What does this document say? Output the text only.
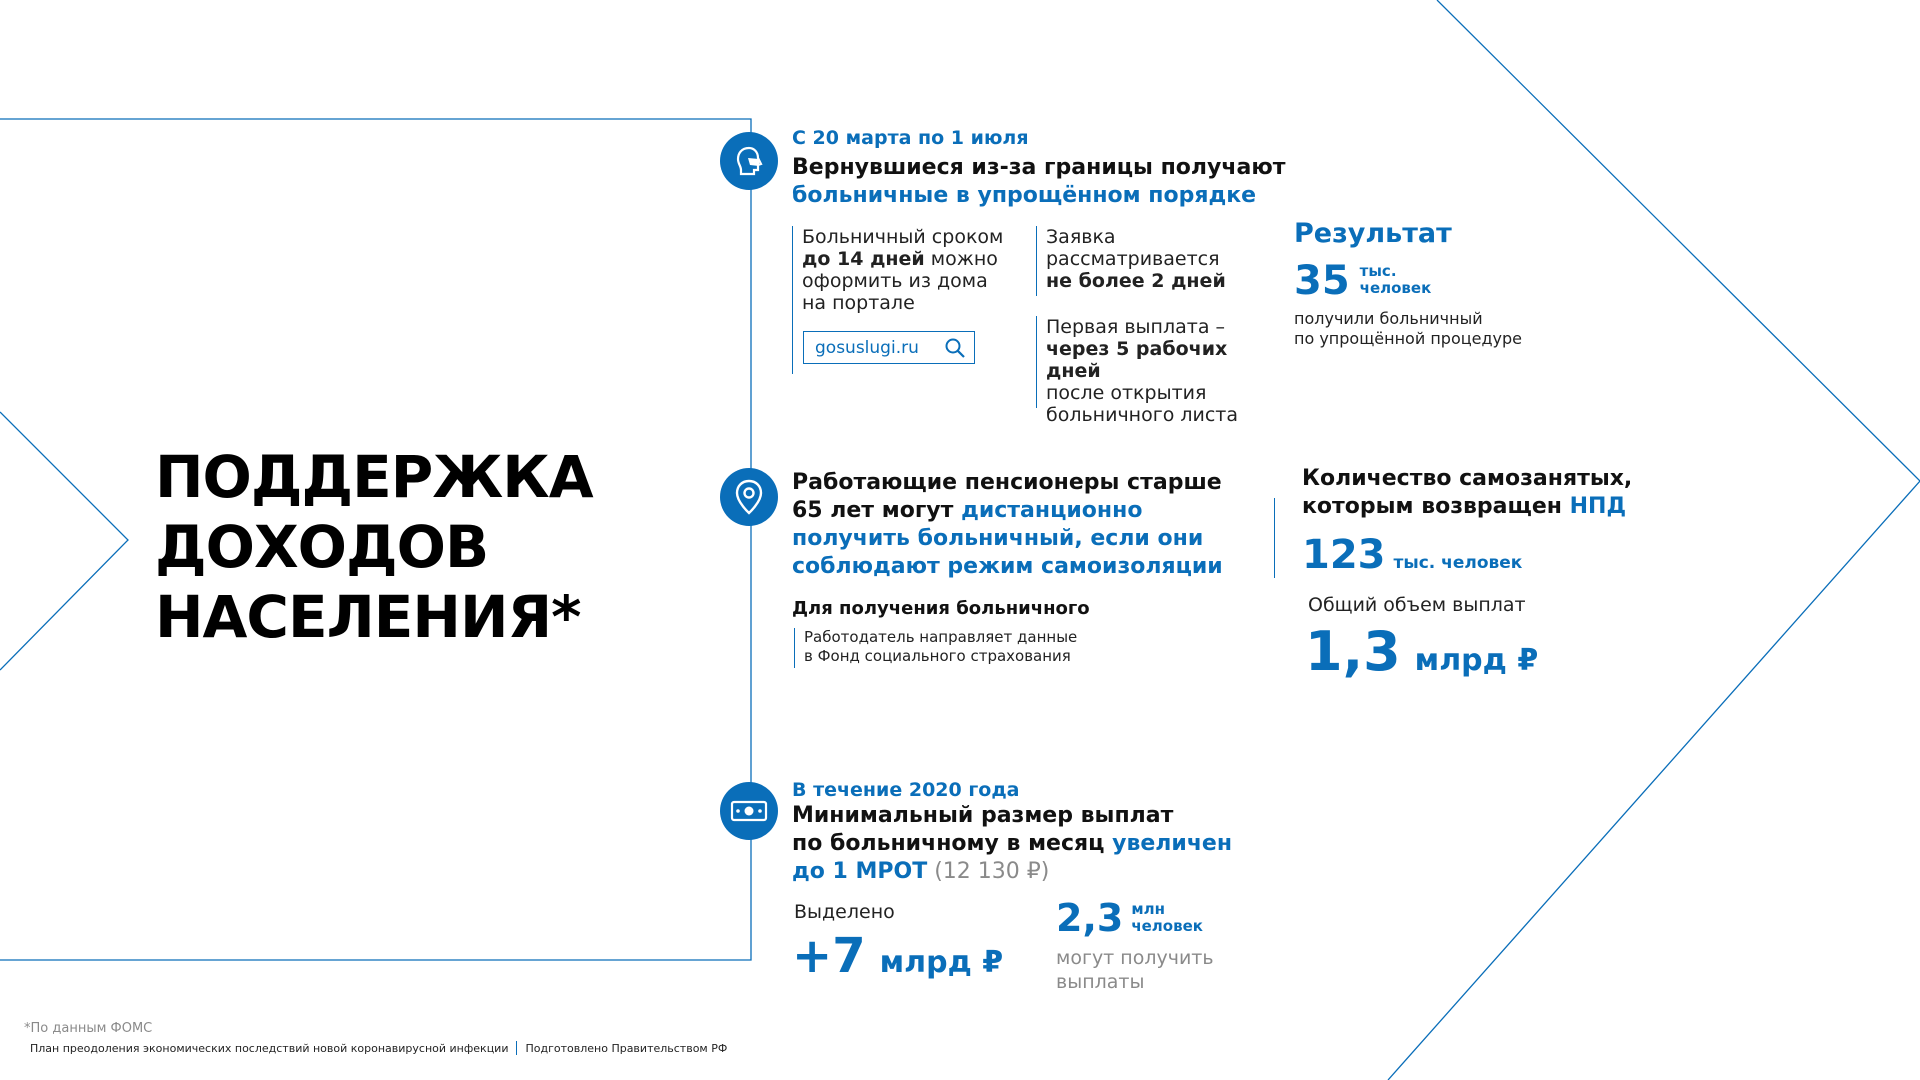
ПОДДЕРЖКА
ДОХОДОВ
НАСЕЛЕНИЯ*
С 20 марта по 1 июля
Вернувшиеся из-за границы получают
больничные в упрощённом порядке
Больничный сроком
до 14 дней можно
оформить из дома
на портале
gosuslugi.ru
Заявка
рассматривается
не более 2 дней
Первая выплата –
через 5 рабочих дней
после открытия
больничного листа
Результат
35 тыс.
человек
получили больничный
по упрощённой процедуре
Работающие пенсионеры старше
65 лет могут дистанционно
получить больничный, если они
соблюдают режим самоизоляции
Для получения больничного
Работодатель направляет данные
в Фонд социального страхования
Количество самозанятых,
которым возвращен НПД
123 тыс. человек
Общий объем выплат
1,3 млрд ₽
В течение 2020 года
Минимальный размер выплат
по больничному в месяц увеличен
до 1 МРОТ (12 130 ₽)
Выделено
+7 млрд ₽
2,3 млн
человек
могут получить
выплаты
*По данным ФОМС
План преодоления экономических последствий новой коронавирусной инфекции Подготовлено Правительством РФ
